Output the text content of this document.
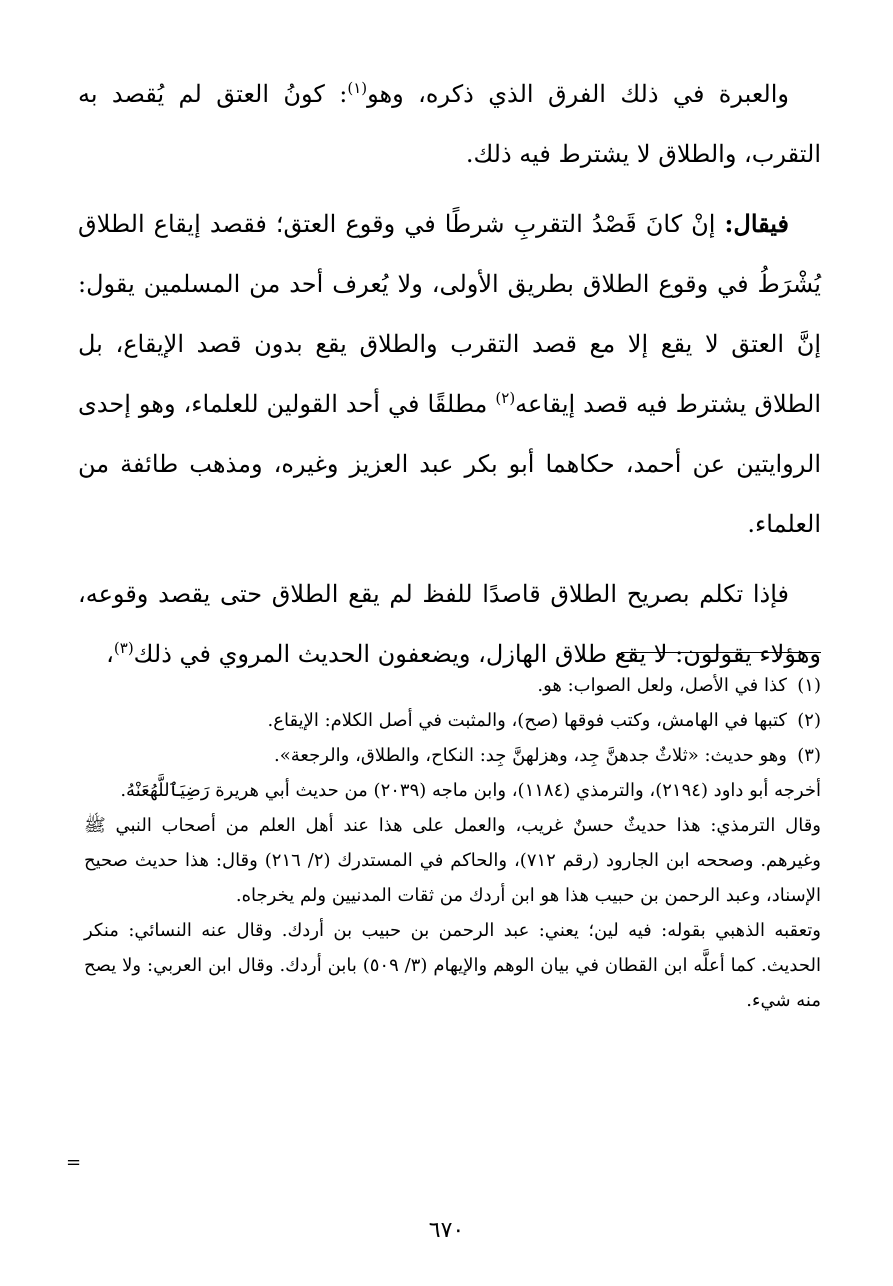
والعبرة في ذلك الفرق الذي ذكره، وهو$^{(١)}$: كونُ العتق لم يُقصد به التقرب، والطلاق لا يشترط فيه ذلك.

فيقال: إنْ كانَ قَصْدُ التقربِ شرطًا في وقوع العتق؛ فقصد إيقاع الطلاق يُشْرَطُ في وقوع الطلاق بطريق الأولى، ولا يُعرف أحد من المسلمين يقول: إنَّ العتق لا يقع إلا مع قصد التقرب والطلاق يقع بدون قصد الإيقاع، بل الطلاق يشترط فيه قصد إيقاعه$^{(٢)}$ مطلقًا في أحد القولين للعلماء، وهو إحدى الروايتين عن أحمد، حكاهما أبو بكر عبد العزيز وغيره، ومذهب طائفة من العلماء.

فإذا تكلم بصريح الطلاق قاصدًا للفظ لم يقع الطلاق حتى يقصد وقوعه، وهؤلاء يقولون: لا يقع طلاق الهازل، ويضعفون الحديث المروي في ذلك$^{(٣)}$،

(١)كذا في الأصل، ولعل الصواب: هو.

(٢)كتبها في الهامش، وكتب فوقها (صح)، والمثبت في أصل الكلام: الإيقاع.

(٣)وهو حديث: «ثلاثٌ جدهنَّ جِد، وهزلهنَّ جِد: النكاح، والطلاق، والرجعة».

أخرجه أبو داود (٢١٩٤)، والترمذي (١١٨٤)، وابن ماجه (٢٠٣٩) من حديث أبي هريرة رَضِيَٱللَّهُعَنْهُ.

وقال الترمذي: هذا حديثٌ حسنٌ غريب، والعمل على هذا عند أهل العلم من أصحاب النبي ﷺ وغيرهم. وصححه ابن الجارود (رقم ٧١٢)، والحاكم في المستدرك (٢/ ٢١٦) وقال: هذا حديث صحيح الإسناد، وعبد الرحمن بن حبيب هذا هو ابن أردك من ثقات المدنيين ولم يخرجاه.

وتعقبه الذهبي بقوله: فيه لين؛ يعني: عبد الرحمن بن حبيب بن أردك. وقال عنه النسائي: منكر الحديث. كما أعلَّه ابن القطان في بيان الوهم والإيهام (٣/ ٥٠٩) بابن أردك. وقال ابن العربي: ولا يصح منه شيء.

=
٦٧٠
